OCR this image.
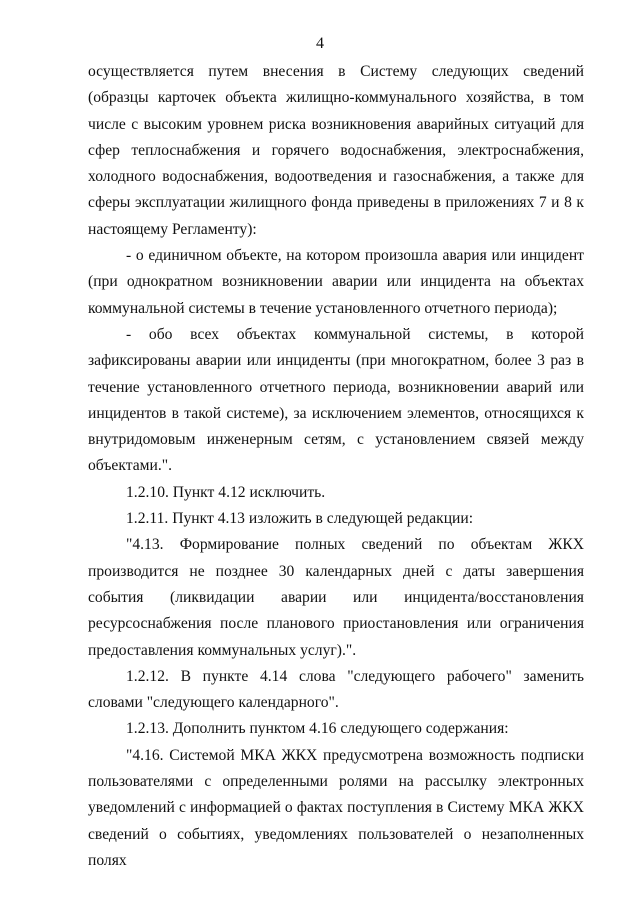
4

осуществляется путем внесения в Систему следующих сведений (образцы карточек объекта жилищно-коммунального хозяйства, в том числе с высоким уровнем риска возникновения аварийных ситуаций для сфер теплоснабжения и горячего водоснабжения, электроснабжения, холодного водоснабжения, водоотведения и газоснабжения, а также для сферы эксплуатации жилищного фонда приведены в приложениях 7 и 8 к настоящему Регламенту):

- о единичном объекте, на котором произошла авария или инцидент (при однократном возникновении аварии или инцидента на объектах коммунальной системы в течение установленного отчетного периода);

- обо всех объектах коммунальной системы, в которой зафиксированы аварии или инциденты (при многократном, более 3 раз в течение установленного отчетного периода, возникновении аварий или инцидентов в такой системе), за исключением элементов, относящихся к внутридомовым инженерным сетям, с установлением связей между объектами.".

1.2.10. Пункт 4.12 исключить.

1.2.11. Пункт 4.13 изложить в следующей редакции:

"4.13. Формирование полных сведений по объектам ЖКХ производится не позднее 30 календарных дней с даты завершения события (ликвидации аварии или инцидента/восстановления ресурсоснабжения после планового приостановления или ограничения предоставления коммунальных услуг).".

1.2.12. В пункте 4.14 слова "следующего рабочего" заменить словами "следующего календарного".

1.2.13. Дополнить пунктом 4.16 следующего содержания:

"4.16. Системой МКА ЖКХ предусмотрена возможность подписки пользователями с определенными ролями на рассылку электронных уведомлений с информацией о фактах поступления в Систему МКА ЖКХ сведений о событиях, уведомлениях пользователей о незаполненных полях
